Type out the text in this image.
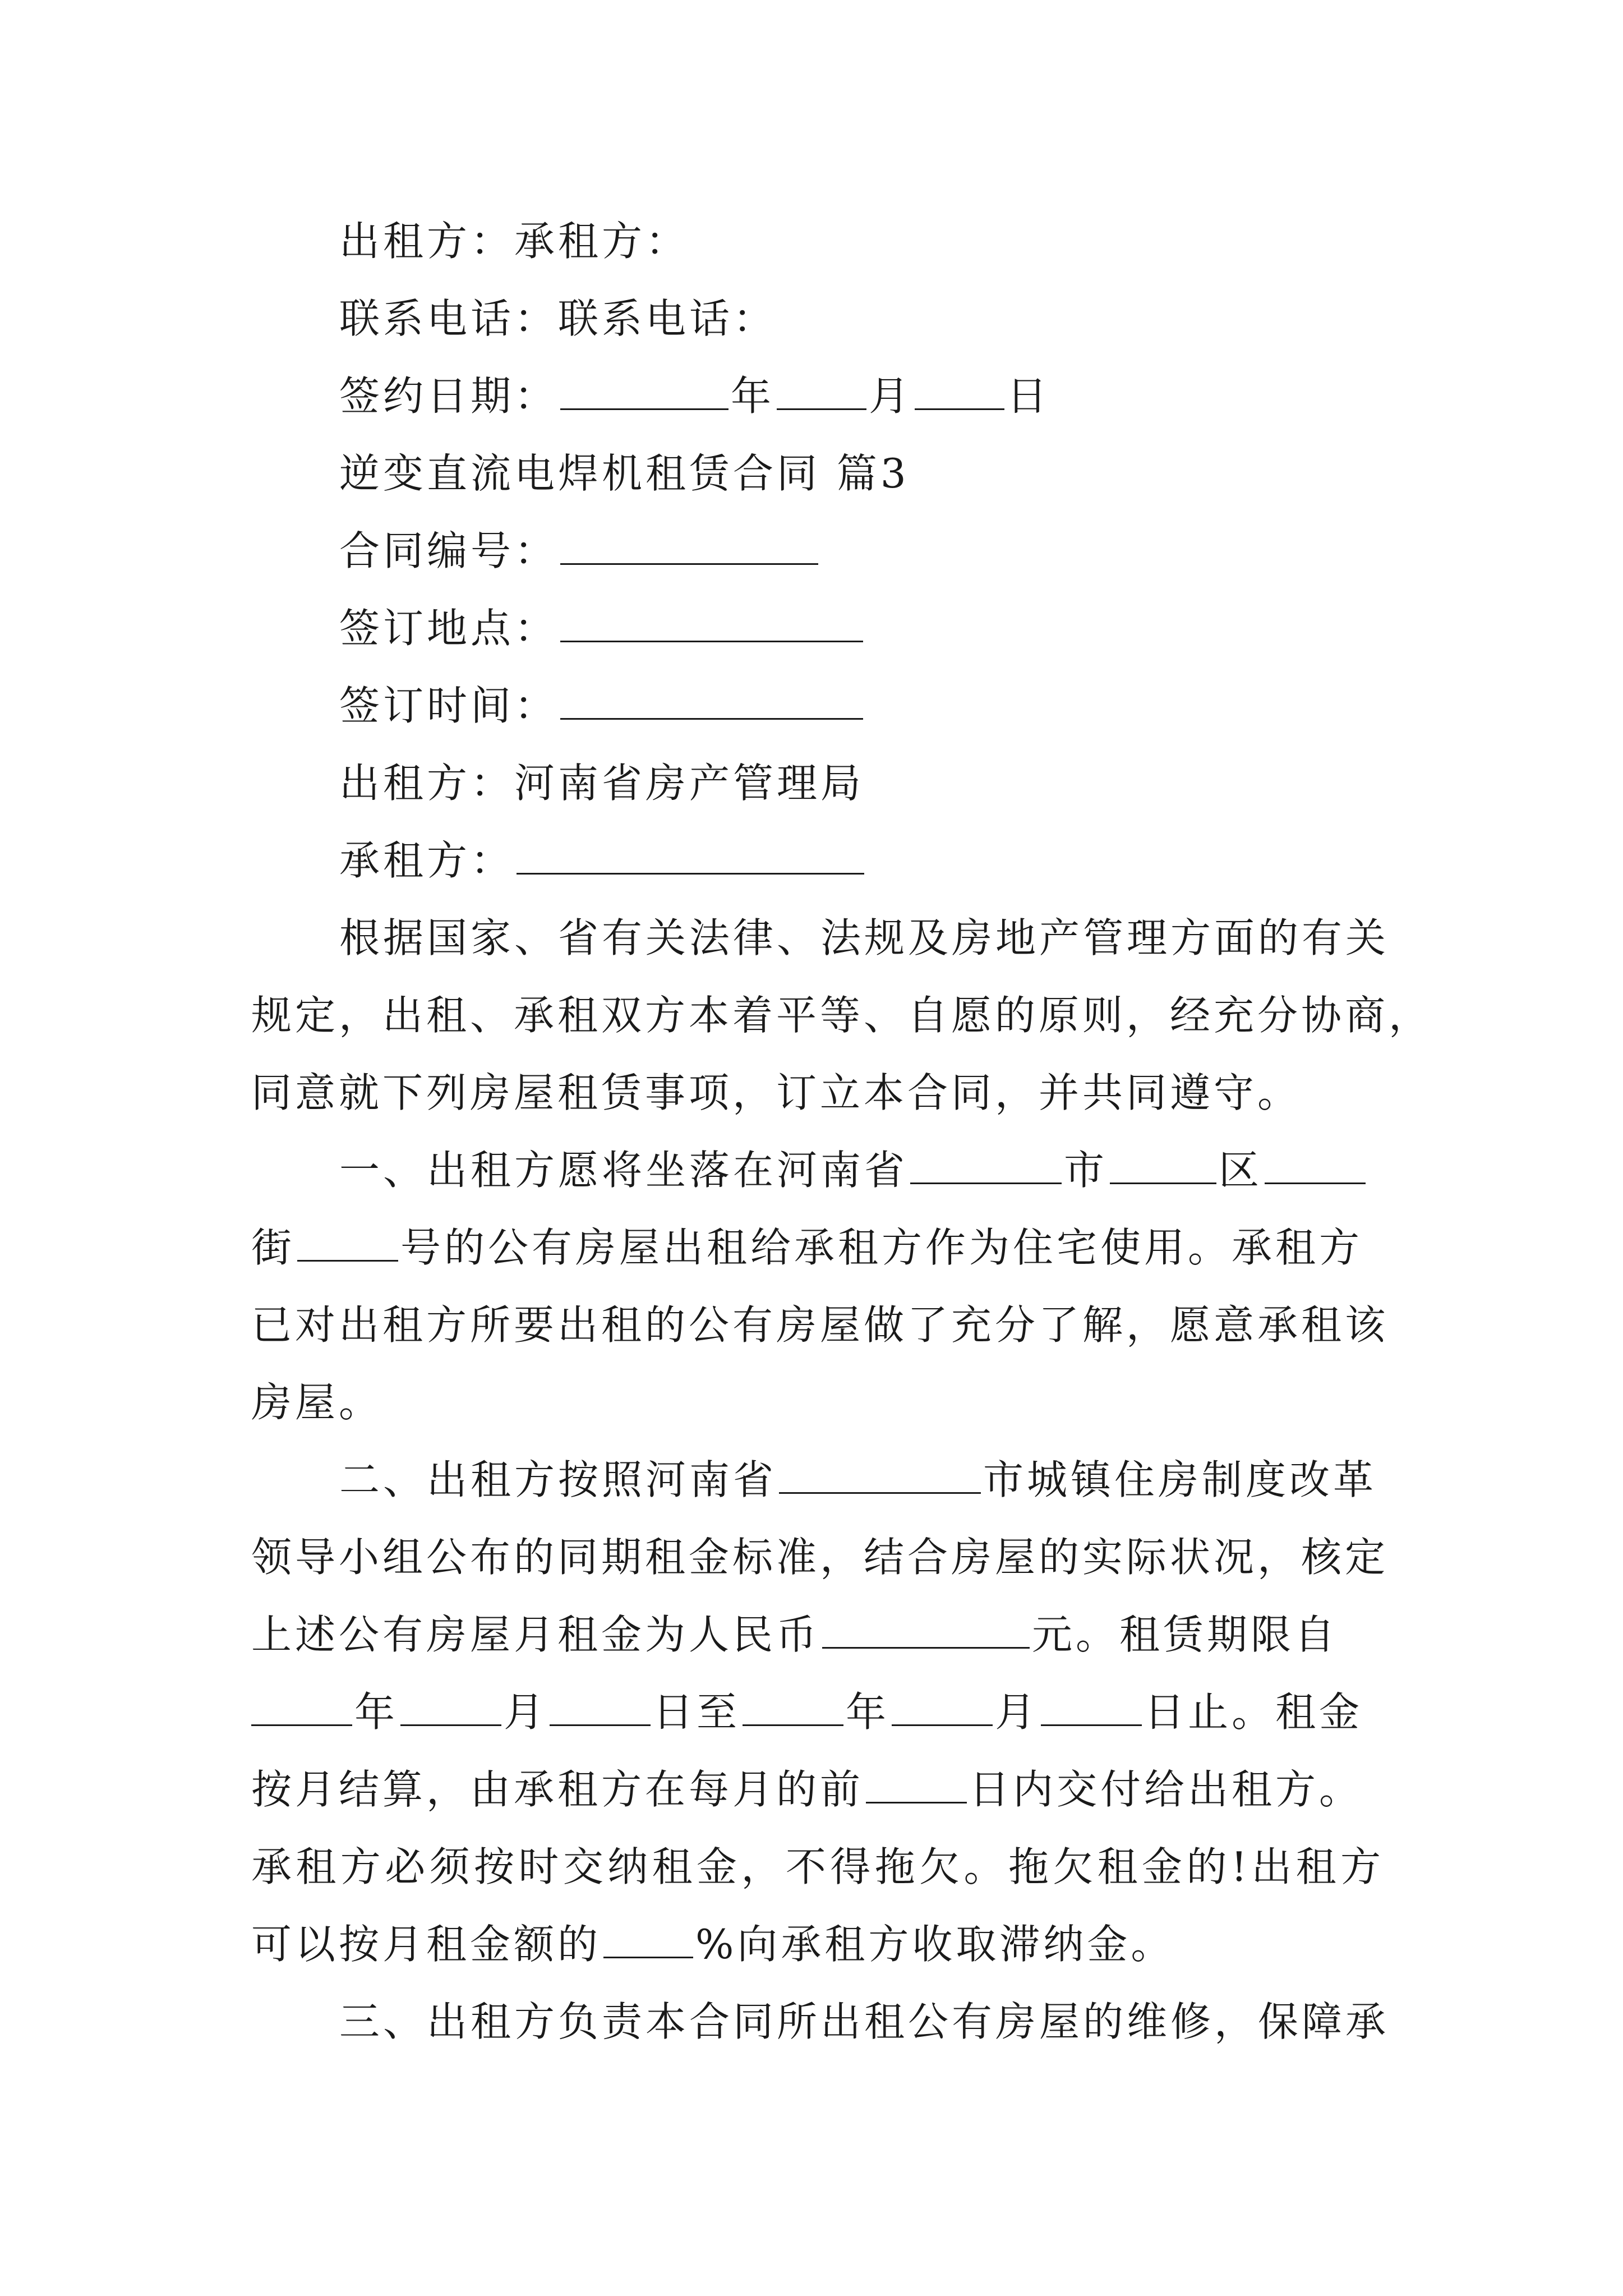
出租方：承租方：
联系电话：联系电话：
签约日期：	年 月 日
逆变直流电焊机租赁合同 篇3
合同编号：
签订地点：
签订时间：
出租方：河南省房产管理局
承租方：
根据国家、省有关法律、法规及房地产管理方面的有关
规定，出租、承租双方本着平等、自愿的原则，经充分协商，
同意就下列房屋租赁事项，订立本合同，并共同遵守。
一、出租方愿将坐落在河南省	市	区
街	号的公有房屋出租给承租方作为住宅使用。承租方
已对出租方所要出租的公有房屋做了充分了解，愿意承租该
房屋。
二、出租方按照河南省	市城镇住房制度改革
领导小组公布的同期租金标准，结合房屋的实际状况，核定
上述公有房屋月租金为人民币	元。租赁期限自
年	月	日至	年	月	日止。租金
按月结算，由承租方在每月的前	日内交付给出租方。
承租方必须按时交纳租金，不得拖欠。拖欠租金的!出租方
可以按月租金额的 %向承租方收取滞纳金。
三、出租方负责本合同所出租公有房屋的维修，保障承
